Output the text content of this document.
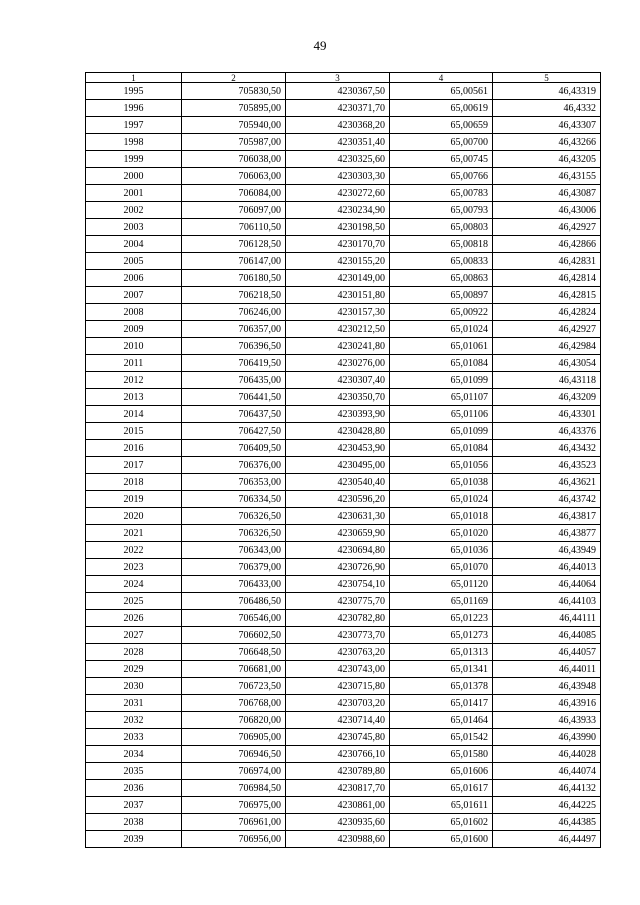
49
1	2	3	4	5
1995	705830,50	4230367,50	65,00561	46,43319
1996	705895,00	4230371,70	65,00619	46,4332
1997	705940,00	4230368,20	65,00659	46,43307
1998	705987,00	4230351,40	65,00700	46,43266
1999	706038,00	4230325,60	65,00745	46,43205
2000	706063,00	4230303,30	65,00766	46,43155
2001	706084,00	4230272,60	65,00783	46,43087
2002	706097,00	4230234,90	65,00793	46,43006
2003	706110,50	4230198,50	65,00803	46,42927
2004	706128,50	4230170,70	65,00818	46,42866
2005	706147,00	4230155,20	65,00833	46,42831
2006	706180,50	4230149,00	65,00863	46,42814
2007	706218,50	4230151,80	65,00897	46,42815
2008	706246,00	4230157,30	65,00922	46,42824
2009	706357,00	4230212,50	65,01024	46,42927
2010	706396,50	4230241,80	65,01061	46,42984
2011	706419,50	4230276,00	65,01084	46,43054
2012	706435,00	4230307,40	65,01099	46,43118
2013	706441,50	4230350,70	65,01107	46,43209
2014	706437,50	4230393,90	65,01106	46,43301
2015	706427,50	4230428,80	65,01099	46,43376
2016	706409,50	4230453,90	65,01084	46,43432
2017	706376,00	4230495,00	65,01056	46,43523
2018	706353,00	4230540,40	65,01038	46,43621
2019	706334,50	4230596,20	65,01024	46,43742
2020	706326,50	4230631,30	65,01018	46,43817
2021	706326,50	4230659,90	65,01020	46,43877
2022	706343,00	4230694,80	65,01036	46,43949
2023	706379,00	4230726,90	65,01070	46,44013
2024	706433,00	4230754,10	65,01120	46,44064
2025	706486,50	4230775,70	65,01169	46,44103
2026	706546,00	4230782,80	65,01223	46,44111
2027	706602,50	4230773,70	65,01273	46,44085
2028	706648,50	4230763,20	65,01313	46,44057
2029	706681,00	4230743,00	65,01341	46,44011
2030	706723,50	4230715,80	65,01378	46,43948
2031	706768,00	4230703,20	65,01417	46,43916
2032	706820,00	4230714,40	65,01464	46,43933
2033	706905,00	4230745,80	65,01542	46,43990
2034	706946,50	4230766,10	65,01580	46,44028
2035	706974,00	4230789,80	65,01606	46,44074
2036	706984,50	4230817,70	65,01617	46,44132
2037	706975,00	4230861,00	65,01611	46,44225
2038	706961,00	4230935,60	65,01602	46,44385
2039	706956,00	4230988,60	65,01600	46,44497
